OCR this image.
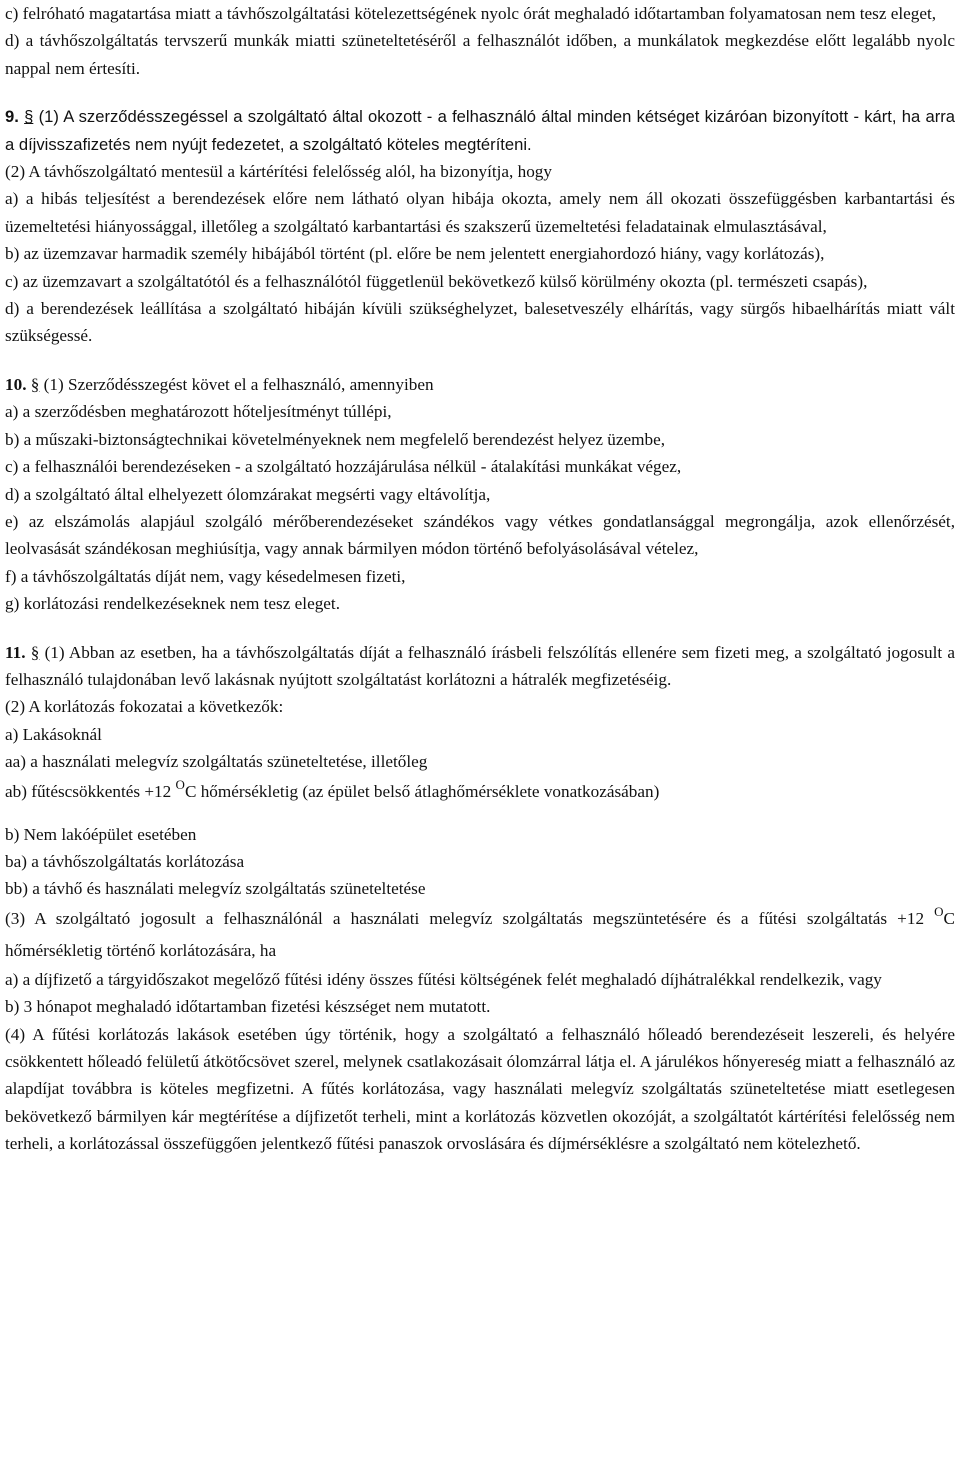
c) felróható magatartása miatt a távhőszolgáltatási kötelezettségének nyolc órát meghaladó időtartamban folyamatosan nem tesz eleget,

d) a távhőszolgáltatás tervszerű munkák miatti szüneteltetéséről a felhasználót időben, a munkálatok megkezdése előtt legalább nyolc nappal nem értesíti.

9. § (1) A szerződésszegéssel a szolgáltató által okozott - a felhasználó által minden kétséget kizáróan bizonyított - kárt, ha arra a díjvisszafizetés nem nyújt fedezetet, a szolgáltató köteles megtéríteni.

(2) A távhőszolgáltató mentesül a kártérítési felelősség alól, ha bizonyítja, hogy

a) a hibás teljesítést a berendezések előre nem látható olyan hibája okozta, amely nem áll okozati összefüggésben karbantartási és üzemeltetési hiányossággal, illetőleg a szolgáltató karbantartási és szakszerű üzemeltetési feladatainak elmulasztásával,

b) az üzemzavar harmadik személy hibájából történt (pl. előre be nem jelentett energiahordozó hiány, vagy korlátozás),

c) az üzemzavart a szolgáltatótól és a felhasználótól függetlenül bekövetkező külső körülmény okozta (pl. természeti csapás),

d) a berendezések leállítása a szolgáltató hibáján kívüli szükséghelyzet, balesetveszély elhárítás, vagy sürgős hibaelhárítás miatt vált szükségessé.

10. § (1) Szerződésszegést követ el a felhasználó, amennyiben

a) a szerződésben meghatározott hőteljesítményt túllépi,

b) a műszaki-biztonságtechnikai követelményeknek nem megfelelő berendezést helyez üzembe,

c) a felhasználói berendezéseken - a szolgáltató hozzájárulása nélkül - átalakítási munkákat végez,

d) a szolgáltató által elhelyezett ólomzárakat megsérti vagy eltávolítja,

e) az elszámolás alapjául szolgáló mérőberendezéseket szándékos vagy vétkes gondatlansággal megrongálja, azok ellenőrzését, leolvasását szándékosan meghiúsítja, vagy annak bármilyen módon történő befolyásolásával vételez,

f) a távhőszolgáltatás díját nem, vagy késedelmesen fizeti,

g) korlátozási rendelkezéseknek nem tesz eleget.

11. § (1) Abban az esetben, ha a távhőszolgáltatás díját a felhasználó írásbeli felszólítás ellenére sem fizeti meg, a szolgáltató jogosult a felhasználó tulajdonában levő lakásnak nyújtott szolgáltatást korlátozni a hátralék megfizetéséig.

(2) A korlátozás fokozatai a következők:

a) Lakásoknál

aa) a használati melegvíz szolgáltatás szüneteltetése, illetőleg

ab) fűtéscsökkentés +12 $^O$C hőmérsékletig (az épület belső átlaghőmérséklete vonatkozásában)

b) Nem lakóépület esetében

ba) a távhőszolgáltatás korlátozása

bb) a távhő és használati melegvíz szolgáltatás szüneteltetése

(3) A szolgáltató jogosult a felhasználónál a használati melegvíz szolgáltatás megszüntetésére és a fűtési szolgáltatás +12 $^O$C hőmérsékletig történő korlátozására, ha

a) a díjfizető a tárgyidőszakot megelőző fűtési idény összes fűtési költségének felét meghaladó díjhátralékkal rendelkezik, vagy

b) 3 hónapot meghaladó időtartamban fizetési készséget nem mutatott.

(4) A fűtési korlátozás lakások esetében úgy történik, hogy a szolgáltató a felhasználó hőleadó berendezéseit leszereli, és helyére csökkentett hőleadó felületű átkötőcsövet szerel, melynek csatlakozásait ólomzárral látja el. A járulékos hőnyereség miatt a felhasználó az alapdíjat továbbra is köteles megfizetni. A fűtés korlátozása, vagy használati melegvíz szolgáltatás szüneteltetése miatt esetlegesen bekövetkező bármilyen kár megtérítése a díjfizetőt terheli, mint a korlátozás közvetlen okozóját, a szolgáltatót kártérítési felelősség nem terheli, a korlátozással összefüggően jelentkező fűtési panaszok orvoslására és díjmérséklésre a szolgáltató nem kötelezhető.
